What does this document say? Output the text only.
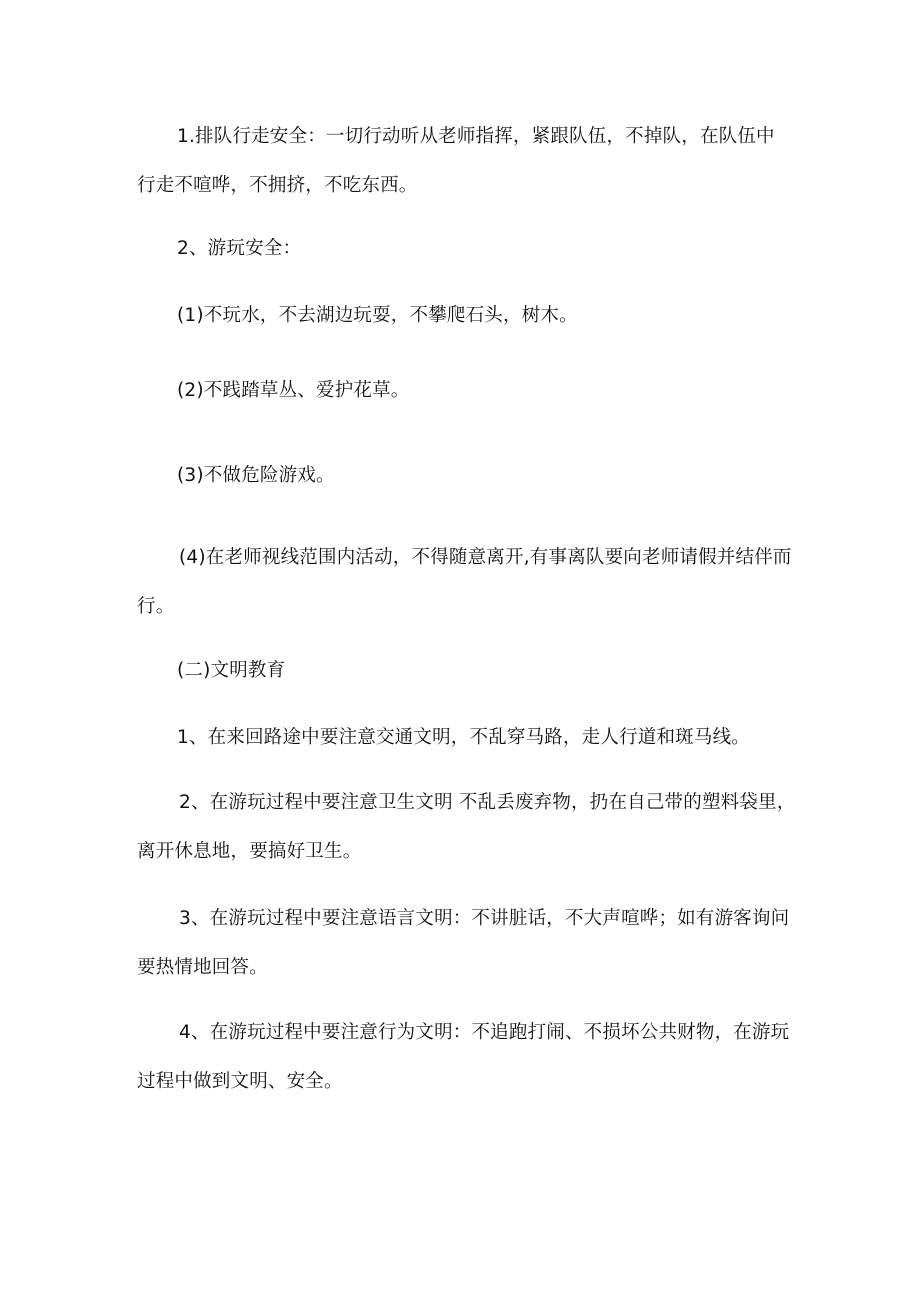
1.排队行走安全：一切行动听从老师指挥，紧跟队伍，不掉队，在队伍中
行走不喧哗，不拥挤，不吃东西。
2、游玩安全：
(1)不玩水，不去湖边玩耍，不攀爬石头，树木。
(2)不践踏草丛、爱护花草。
(3)不做危险游戏。
(4)在老师视线范围内活动，不得随意离开,有事离队要向老师请假并结伴而
行。
(二)文明教育
1、在来回路途中要注意交通文明，不乱穿马路，走人行道和斑马线。
2、在游玩过程中要注意卫生文明 不乱丢废弃物，扔在自己带的塑料袋里，
离开休息地，要搞好卫生。
3、在游玩过程中要注意语言文明：不讲脏话，不大声喧哗；如有游客询问
要热情地回答。
4、在游玩过程中要注意行为文明：不追跑打闹、不损坏公共财物，在游玩
过程中做到文明、安全。
